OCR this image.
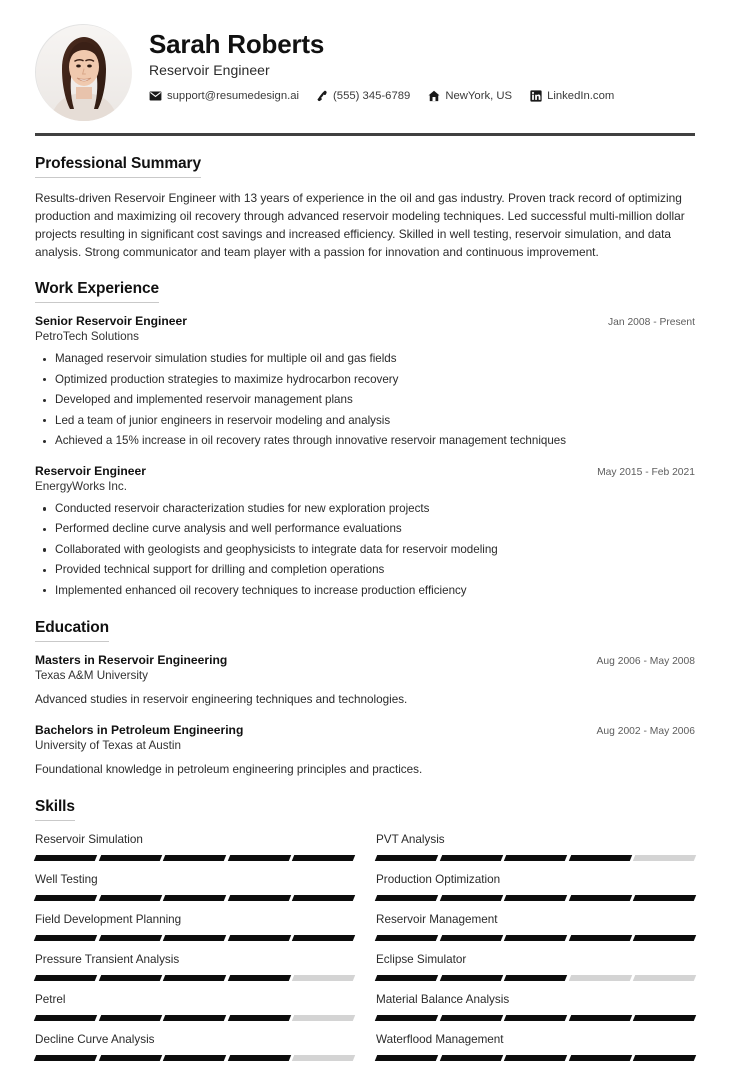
Sarah Roberts
Reservoir Engineer
support@resumedesign.ai	(555) 345-6789	NewYork, US	LinkedIn.com
Professional Summary

Results-driven Reservoir Engineer with 13 years of experience in the oil and gas industry. Proven track record of optimizing production and maximizing oil recovery through advanced reservoir modeling techniques. Led successful multi-million dollar projects resulting in significant cost savings and increased efficiency. Skilled in well testing, reservoir simulation, and data analysis. Strong communicator and team player with a passion for innovation and continuous improvement.

Work Experience
Senior Reservoir Engineer	Jan 2008 - Present
PetroTech Solutions
Managed reservoir simulation studies for multiple oil and gas fields
Optimized production strategies to maximize hydrocarbon recovery
Developed and implemented reservoir management plans
Led a team of junior engineers in reservoir modeling and analysis
Achieved a 15% increase in oil recovery rates through innovative reservoir management techniques
Reservoir Engineer	May 2015 - Feb 2021
EnergyWorks Inc.
Conducted reservoir characterization studies for new exploration projects
Performed decline curve analysis and well performance evaluations
Collaborated with geologists and geophysicists to integrate data for reservoir modeling
Provided technical support for drilling and completion operations
Implemented enhanced oil recovery techniques to increase production efficiency
Education
Masters in Reservoir Engineering	Aug 2006 - May 2008
Texas A&M University
Advanced studies in reservoir engineering techniques and technologies.
Bachelors in Petroleum Engineering	Aug 2002 - May 2006
University of Texas at Austin
Foundational knowledge in petroleum engineering principles and practices.
Skills
Reservoir Simulation	PVT Analysis
Well Testing	Production Optimization
Field Development Planning	Reservoir Management
Pressure Transient Analysis	Eclipse Simulator
Petrel	Material Balance Analysis
Decline Curve Analysis	Waterflood Management
